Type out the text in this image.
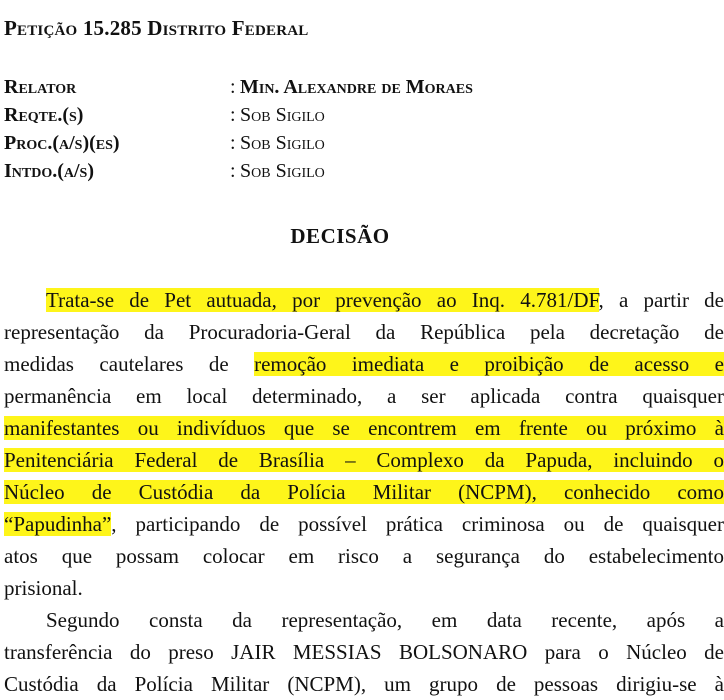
Petição 15.285 Distrito Federal
Relator	: Min. Alexandre de Moraes
Reqte.(s)	: Sob Sigilo
Proc.(a/s)(es)	: Sob Sigilo
Intdo.(a/s)	: Sob Sigilo
DECISÃO
Trata-se de Pet autuada, por prevenção ao Inq. 4.781/DF, a partir de
representação da Procuradoria-Geral da República pela decretação de
medidas cautelares de remoção imediata e proibição de acesso e
permanência em local determinado, a ser aplicada contra quaisquer
manifestantes ou indivíduos que se encontrem em frente ou próximo à
Penitenciária Federal de Brasília – Complexo da Papuda, incluindo o
Núcleo de Custódia da Polícia Militar (NCPM), conhecido como
“Papudinha”, participando de possível prática criminosa ou de quaisquer
atos que possam colocar em risco a segurança do estabelecimento
prisional.
Segundo consta da representação, em data recente, após a
transferência do preso JAIR MESSIAS BOLSONARO para o Núcleo de
Custódia da Polícia Militar (NCPM), um grupo de pessoas dirigiu-se à
